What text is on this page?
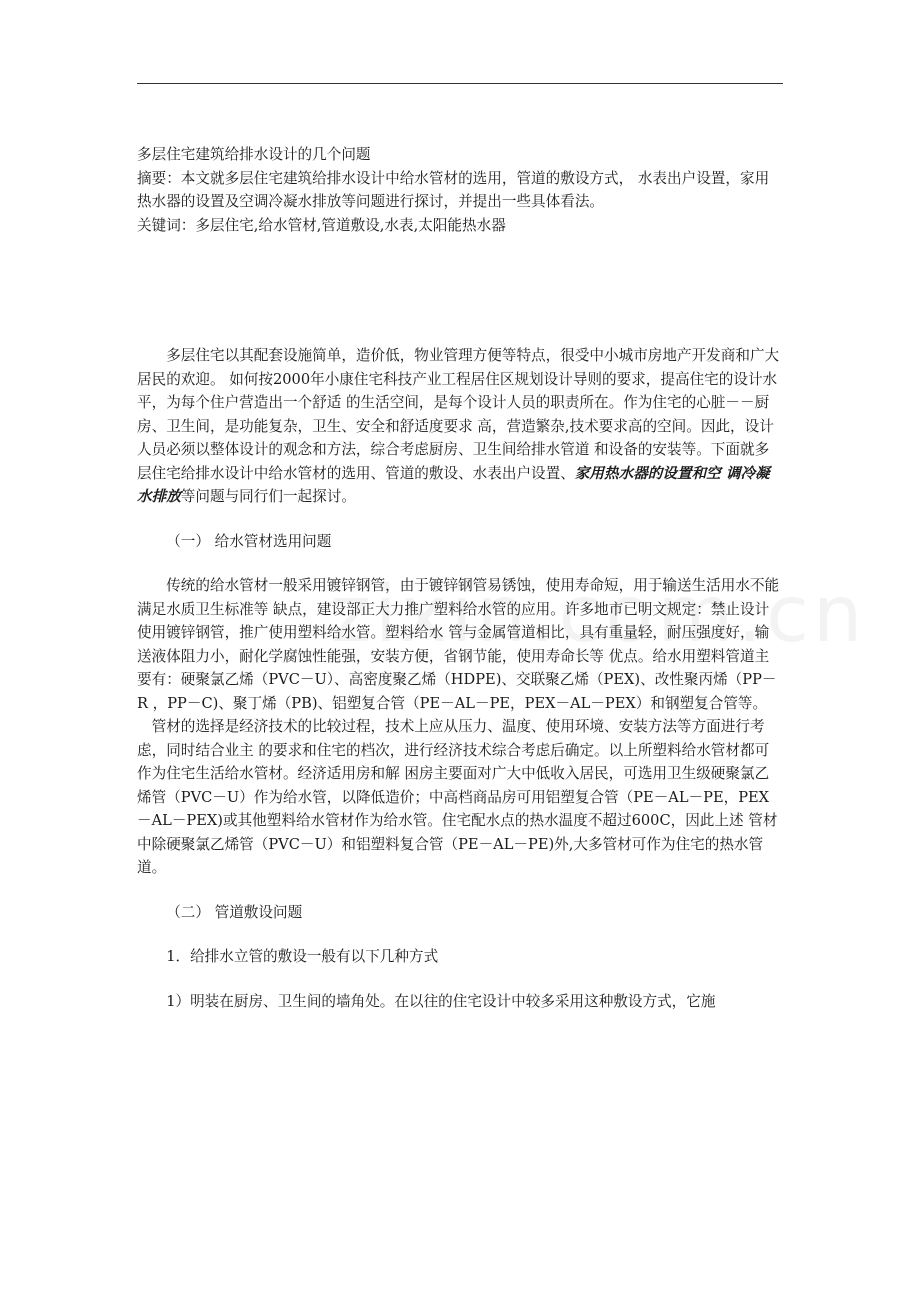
多层住宅建筑给排水设计的几个问题

摘要：本文就多层住宅建筑给排水设计中给水管材的选用，管道的敷设方式， 水表出户设置，家用热水器的设置及空调冷凝水排放等问题进行探讨，并提出一些具体看法。

关键词：多层住宅,给水管材,管道敷设,水表,太阳能热水器

多层住宅以其配套设施简单，造价低，物业管理方便等特点，很受中小城市房地产开发商和广大居民的欢迎。 如何按2000年小康住宅科技产业工程居住区规划设计导则的要求，提高住宅的设计水平，为每个住户营造出一个舒适 的生活空间，是每个设计人员的职责所在。作为住宅的心脏－－厨房、卫生间，是功能复杂，卫生、安全和舒适度要求 高，营造繁杂,技术要求高的空间。因此，设计人员必须以整体设计的观念和方法，综合考虑厨房、卫生间给排水管道 和设备的安装等。下面就多层住宅给排水设计中给水管材的选用、管道的敷设、水表出户设置、家用热水器的设置和空 调冷凝水排放等问题与同行们一起探讨。

（一） 给水管材选用问题

传统的给水管材一般采用镀锌钢管，由于镀锌钢管易锈蚀，使用寿命短，用于输送生活用水不能满足水质卫生标准等 缺点，建设部正大力推广塑料给水管的应用。许多地市已明文规定：禁止设计使用镀锌钢管，推广使用塑料给水管。塑料给水 管与金属管道相比，具有重量轻，耐压强度好，输送液体阻力小，耐化学腐蚀性能强，安装方便，省钢节能，使用寿命长等 优点。给水用塑料管道主要有：硬聚氯乙烯（PVC－U）、高密度聚乙烯（HDPE)、交联聚乙烯（PEX)、改性聚丙烯（PP－R ，PP－C)、聚丁烯（PB)、铝塑复合管（PE－AL－PE，PEX－AL－PEX）和钢塑复合管等。

管材的选择是经济技术的比较过程，技术上应从压力、温度、使用环境、安装方法等方面进行考虑，同时结合业主 的要求和住宅的档次，进行经济技术综合考虑后确定。以上所塑料给水管材都可作为住宅生活给水管材。经济适用房和解 困房主要面对广大中低收入居民，可选用卫生级硬聚氯乙烯管（PVC－U）作为给水管，以降低造价；中高档商品房可用铝塑复合管（PE－AL－PE，PEX－AL－PEX)或其他塑料给水管材作为给水管。住宅配水点的热水温度不超过600C，因此上述 管材中除硬聚氯乙烯管（PVC－U）和铝塑料复合管（PE－AL－PE)外,大多管材可作为住宅的热水管道。

（二） 管道敷设问题

1．给排水立管的敷设一般有以下几种方式

1）明装在厨房、卫生间的墙角处。在以往的住宅设计中较多采用这种敷设方式，它施
